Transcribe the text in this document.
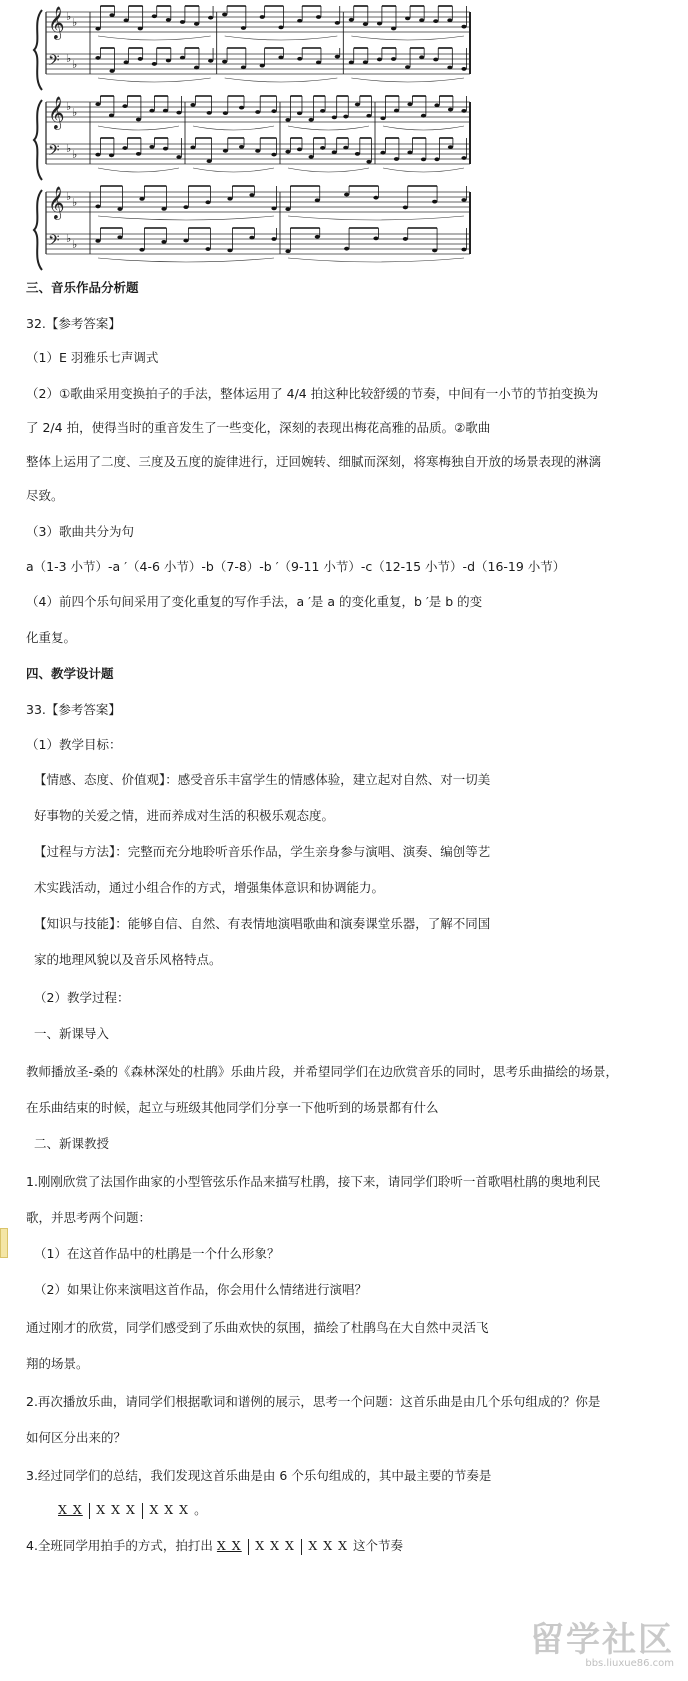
𝄞 ♭ ♭
𝄢 ♭ ♭
𝄞 ♭ ♭
𝄢 ♭ ♭
𝄞 ♭ ♭
𝄢 ♭ ♭
三、音乐作品分析题
32.【参考答案】
（1）E 羽雅乐七声调式
（2）①歌曲采用变换拍子的手法，整体运用了 4/4 拍这种比较舒缓的节奏，中间有一小节的节拍变换为
了 2/4 拍，使得当时的重音发生了一些变化，深刻的表现出梅花高雅的品质。②歌曲
整体上运用了二度、三度及五度的旋律进行，迂回婉转、细腻而深刻，将寒梅独自开放的场景表现的淋漓
尽致。
（3）歌曲共分为句
a（1-3 小节）-a ′（4-6 小节）-b（7-8）-b ′（9-11 小节）-c（12-15 小节）-d（16-19 小节）
（4）前四个乐句间采用了变化重复的写作手法，a ′是 a 的变化重复，b ′是 b 的变
化重复。
四、教学设计题
33.【参考答案】
（1）教学目标：
【情感、态度、价值观】：感受音乐丰富学生的情感体验，建立起对自然、对一切美
好事物的关爱之情，进而养成对生活的积极乐观态度。
【过程与方法】：完整而充分地聆听音乐作品，学生亲身参与演唱、演奏、编创等艺
术实践活动，通过小组合作的方式，增强集体意识和协调能力。
【知识与技能】：能够自信、自然、有表情地演唱歌曲和演奏课堂乐器，了解不同国
家的地理风貌以及音乐风格特点。
（2）教学过程：
一、新课导入
教师播放圣-桑的《森林深处的杜鹃》乐曲片段，并希望同学们在边欣赏音乐的同时，思考乐曲描绘的场景，
在乐曲结束的时候，起立与班级其他同学们分享一下他听到的场景都有什么
二、新课教授
1.刚刚欣赏了法国作曲家的小型管弦乐作品来描写杜鹃，接下来，请同学们聆听一首歌唱杜鹃的奥地利民
歌，并思考两个问题：
（1）在这首作品中的杜鹃是一个什么形象？
（2）如果让你来演唱这首作品，你会用什么情绪进行演唱？
通过刚才的欣赏，同学们感受到了乐曲欢快的氛围，描绘了杜鹃鸟在大自然中灵活飞
翔的场景。
2.再次播放乐曲，请同学们根据歌词和谱例的展示，思考一个问题：这首乐曲是由几个乐句组成的？你是
如何区分出来的？
3.经过同学们的总结，我们发现这首乐曲是由 6 个乐句组成的，其中最主要的节奏是
X X X X X X X X 。
4.全班同学用拍手的方式，拍打出 X X X X X X X X 这个节奏
留学社区
bbs.liuxue86.com
